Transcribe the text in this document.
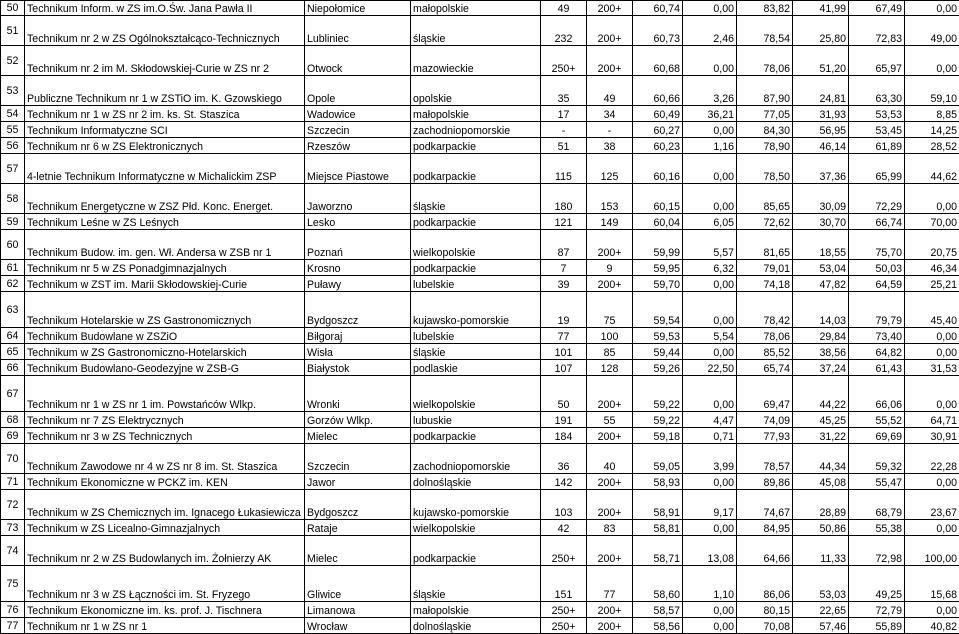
50	Technikum Inform. w ZS im.O.Św. Jana Pawła II	Niepołomice	małopolskie	49	200+	60,74	0,00	83,82	41,99	67,49	0,00
51	Technikum nr 2 w ZS Ogólnokształcąco-Technicznych	Lubliniec	śląskie	232	200+	60,73	2,46	78,54	25,80	72,83	49,00
52	Technikum nr 2 im M. Skłodowskiej-Curie w ZS nr 2	Otwock	mazowieckie	250+	200+	60,68	0,00	78,06	51,20	65,97	0,00
53	Publiczne Technikum nr 1 w ZSTiO im. K. Gzowskiego	Opole	opolskie	35	49	60,66	3,26	87,90	24,81	63,30	59,10
54	Technikum nr 1 w ZS nr 2 im. ks. St. Staszica	Wadowice	małopolskie	17	34	60,49	36,21	77,05	31,93	53,53	8,85
55	Technikum Informatyczne SCI	Szczecin	zachodniopomorskie	-	-	60,27	0,00	84,30	56,95	53,45	14,25
56	Technikum nr 6 w ZS Elektronicznych	Rzeszów	podkarpackie	51	38	60,23	1,16	78,90	46,14	61,89	28,52
57	4-letnie Technikum Informatyczne w Michalickim ZSP	Miejsce Piastowe	podkarpackie	115	125	60,16	0,00	78,50	37,36	65,99	44,62
58	Technikum Energetyczne w ZSZ Płd. Konc. Energet.	Jaworzno	śląskie	180	153	60,15	0,00	85,65	30,09	72,29	0,00
59	Technikum Leśne w ZS Leśnych	Lesko	podkarpackie	121	149	60,04	6,05	72,62	30,70	66,74	70,00
60	Technikum Budow. im. gen. Wł. Andersa w ZSB nr 1	Poznań	wielkopolskie	87	200+	59,99	5,57	81,65	18,55	75,70	20,75
61	Technikum nr 5 w ZS Ponadgimnazjalnych	Krosno	podkarpackie	7	9	59,95	6,32	79,01	53,04	50,03	46,34
62	Technikum w ZST im. Marii Skłodowskiej-Curie	Puławy	lubelskie	39	200+	59,70	0,00	74,18	47,82	64,59	25,21
63	Technikum Hotelarskie w ZS Gastronomicznych	Bydgoszcz	kujawsko-pomorskie	19	75	59,54	0,00	78,42	14,03	79,79	45,40
64	Technikum Budowlane w ZSZiO	Biłgoraj	lubelskie	77	100	59,53	5,54	78,06	29,84	73,40	0,00
65	Technikum w ZS Gastronomiczno-Hotelarskich	Wisła	śląskie	101	85	59,44	0,00	85,52	38,56	64,82	0,00
66	Technikum Budowlano-Geodezyjne w ZSB-G	Białystok	podlaskie	107	128	59,26	22,50	65,74	37,24	61,43	31,53
67	Technikum nr 1 w ZS nr 1 im. Powstańców Wlkp.	Wronki	wielkopolskie	50	200+	59,22	0,00	69,47	44,22	66,06	0,00
68	Technikum nr 7 ZS Elektrycznych	Gorzów Wlkp.	lubuskie	191	55	59,22	4,47	74,09	45,25	55,52	64,71
69	Technikum nr 3 w ZS Technicznych	Mielec	podkarpackie	184	200+	59,18	0,71	77,93	31,22	69,69	30,91
70	Technikum Zawodowe nr 4 w ZS nr 8 im. St. Staszica	Szczecin	zachodniopomorskie	36	40	59,05	3,99	78,57	44,34	59,32	22,28
71	Technikum Ekonomiczne w PCKZ im. KEN	Jawor	dolnośląskie	142	200+	58,93	0,00	89,86	45,08	55,47	0,00
72	Technikum w ZS Chemicznych im. Ignacego Łukasiewicza	Bydgoszcz	kujawsko-pomorskie	103	200+	58,91	9,17	74,67	28,89	68,79	23,67
73	Technikum w ZS Licealno-Gimnazjalnych	Rataje	wielkopolskie	42	83	58,81	0,00	84,95	50,86	55,38	0,00
74	Technikum nr 2 w ZS Budowlanych im. Żołnierzy AK	Mielec	podkarpackie	250+	200+	58,71	13,08	64,66	11,33	72,98	100,00
75	Technikum nr 3 w ZS Łączności im. St. Fryzego	Gliwice	śląskie	151	77	58,60	1,10	86,06	53,03	49,25	15,68
76	Technikum Ekonomiczne im. ks. prof. J. Tischnera	Limanowa	małopolskie	250+	200+	58,57	0,00	80,15	22,65	72,79	0,00
77	Technikum nr 1 w ZS nr 1	Wrocław	dolnośląskie	250+	200+	58,56	0,00	70,08	57,46	55,89	40,82
